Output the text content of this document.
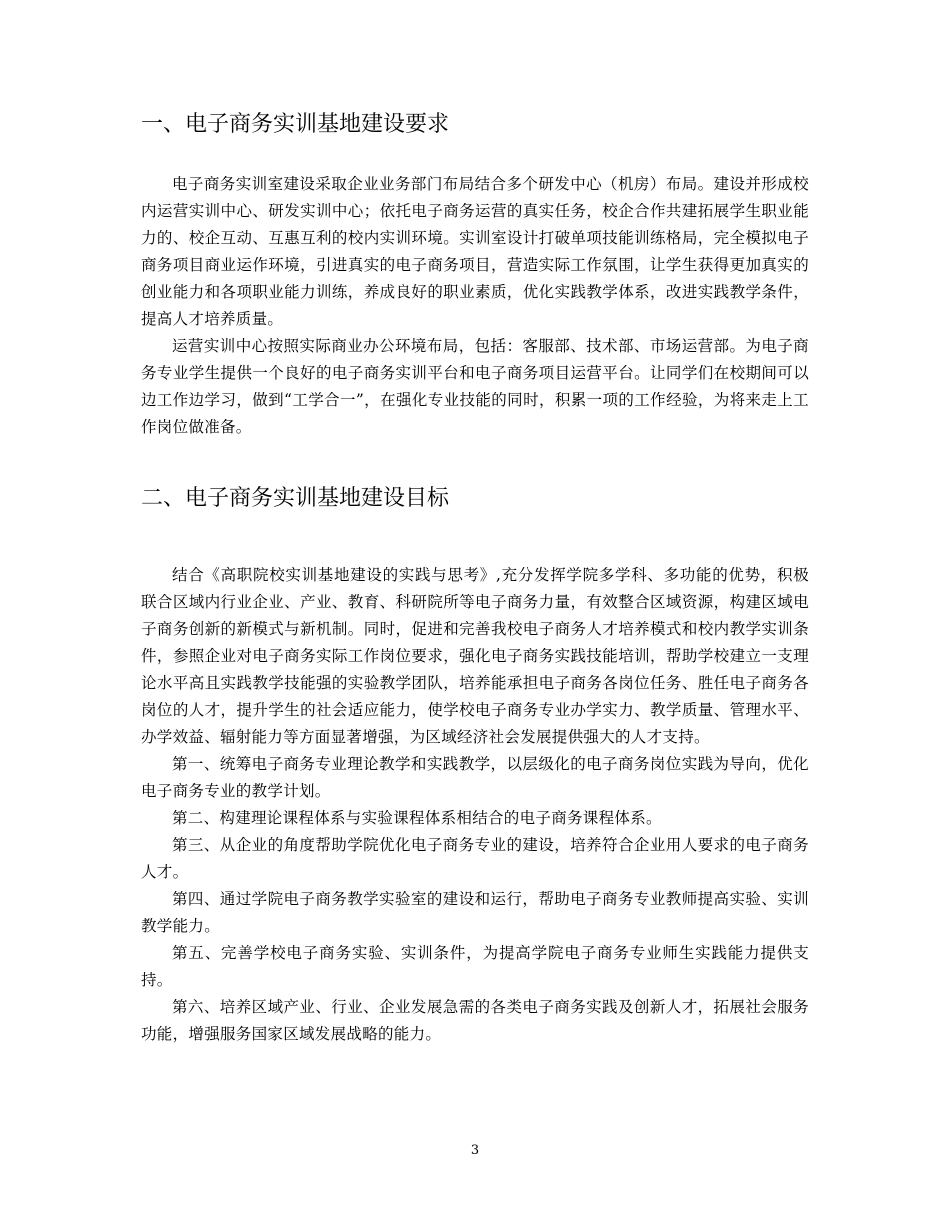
一、电子商务实训基地建设要求

电子商务实训室建设采取企业业务部门布局结合多个研发中心（机房）布局。建设并形成校内运营实训中心、研发实训中心；依托电子商务运营的真实任务，校企合作共建拓展学生职业能力的、校企互动、互惠互利的校内实训环境。实训室设计打破单项技能训练格局，完全模拟电子商务项目商业运作环境，引进真实的电子商务项目，营造实际工作氛围，让学生获得更加真实的创业能力和各项职业能力训练，养成良好的职业素质，优化实践教学体系，改进实践教学条件，提高人才培养质量。

运营实训中心按照实际商业办公环境布局，包括：客服部、技术部、市场运营部。为电子商务专业学生提供一个良好的电子商务实训平台和电子商务项目运营平台。让同学们在校期间可以边工作边学习，做到“工学合一”，在强化专业技能的同时，积累一项的工作经验，为将来走上工作岗位做准备。

二、电子商务实训基地建设目标

结合《高职院校实训基地建设的实践与思考》,充分发挥学院多学科、多功能的优势，积极联合区域内行业企业、产业、教育、科研院所等电子商务力量，有效整合区域资源，构建区域电子商务创新的新模式与新机制。同时，促进和完善我校电子商务人才培养模式和校内教学实训条件，参照企业对电子商务实际工作岗位要求，强化电子商务实践技能培训，帮助学校建立一支理论水平高且实践教学技能强的实验教学团队，培养能承担电子商务各岗位任务、胜任电子商务各岗位的人才，提升学生的社会适应能力，使学校电子商务专业办学实力、教学质量、管理水平、办学效益、辐射能力等方面显著增强，为区域经济社会发展提供强大的人才支持。

第一、统筹电子商务专业理论教学和实践教学，以层级化的电子商务岗位实践为导向，优化电子商务专业的教学计划。

第二、构建理论课程体系与实验课程体系相结合的电子商务课程体系。

第三、从企业的角度帮助学院优化电子商务专业的建设，培养符合企业用人要求的电子商务人才。

第四、通过学院电子商务教学实验室的建设和运行，帮助电子商务专业教师提高实验、实训教学能力。

第五、完善学校电子商务实验、实训条件，为提高学院电子商务专业师生实践能力提供支持。

第六、培养区域产业、行业、企业发展急需的各类电子商务实践及创新人才，拓展社会服务功能，增强服务国家区域发展战略的能力。

3
